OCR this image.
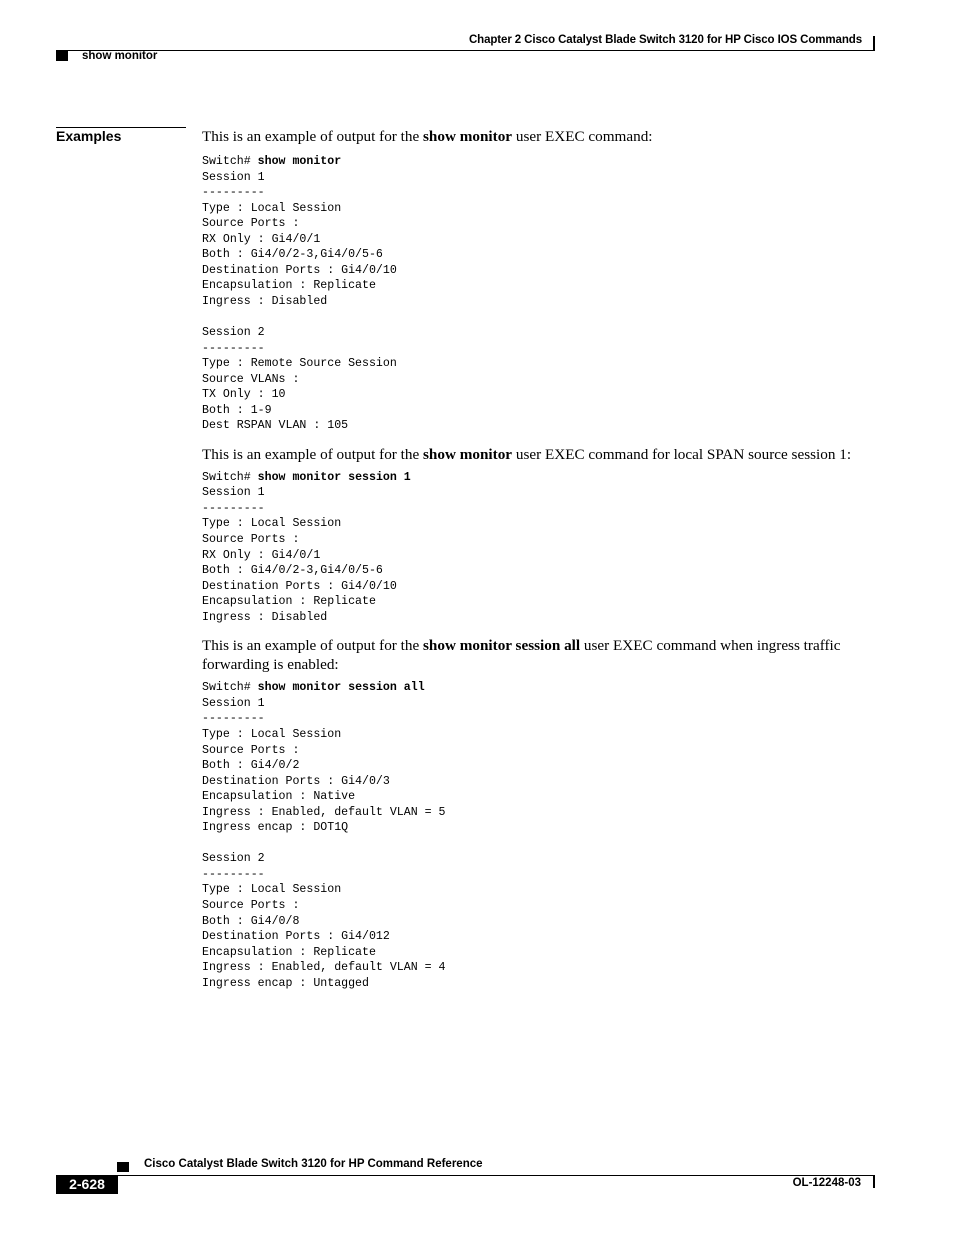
Chapter 2 Cisco Catalyst Blade Switch 3120 for HP Cisco IOS Commands
show monitor
Examples	This is an example of output for the show monitor user EXEC command:

Switch# show monitor
Session 1
---------
Type : Local Session
Source Ports :
RX Only : Gi4/0/1
Both : Gi4/0/2-3,Gi4/0/5-6
Destination Ports : Gi4/0/10
Encapsulation : Replicate
Ingress : Disabled

Session 2
---------
Type : Remote Source Session
Source VLANs :
TX Only : 10
Both : 1-9
Dest RSPAN VLAN : 105

This is an example of output for the show monitor user EXEC command for local SPAN source session 1:

Switch# show monitor session 1
Session 1
---------
Type : Local Session
Source Ports :
RX Only : Gi4/0/1
Both : Gi4/0/2-3,Gi4/0/5-6
Destination Ports : Gi4/0/10
Encapsulation : Replicate
Ingress : Disabled

This is an example of output for the show monitor session all user EXEC command when ingress traffic forwarding is enabled:

Switch# show monitor session all
Session 1
---------
Type : Local Session
Source Ports :
Both : Gi4/0/2
Destination Ports : Gi4/0/3
Encapsulation : Native
Ingress : Enabled, default VLAN = 5
Ingress encap : DOT1Q

Session 2
---------
Type : Local Session
Source Ports :
Both : Gi4/0/8
Destination Ports : Gi4/012
Encapsulation : Replicate
Ingress : Enabled, default VLAN = 4
Ingress encap : Untagged
Cisco Catalyst Blade Switch 3120 for HP Command Reference
2-628	OL-12248-03
